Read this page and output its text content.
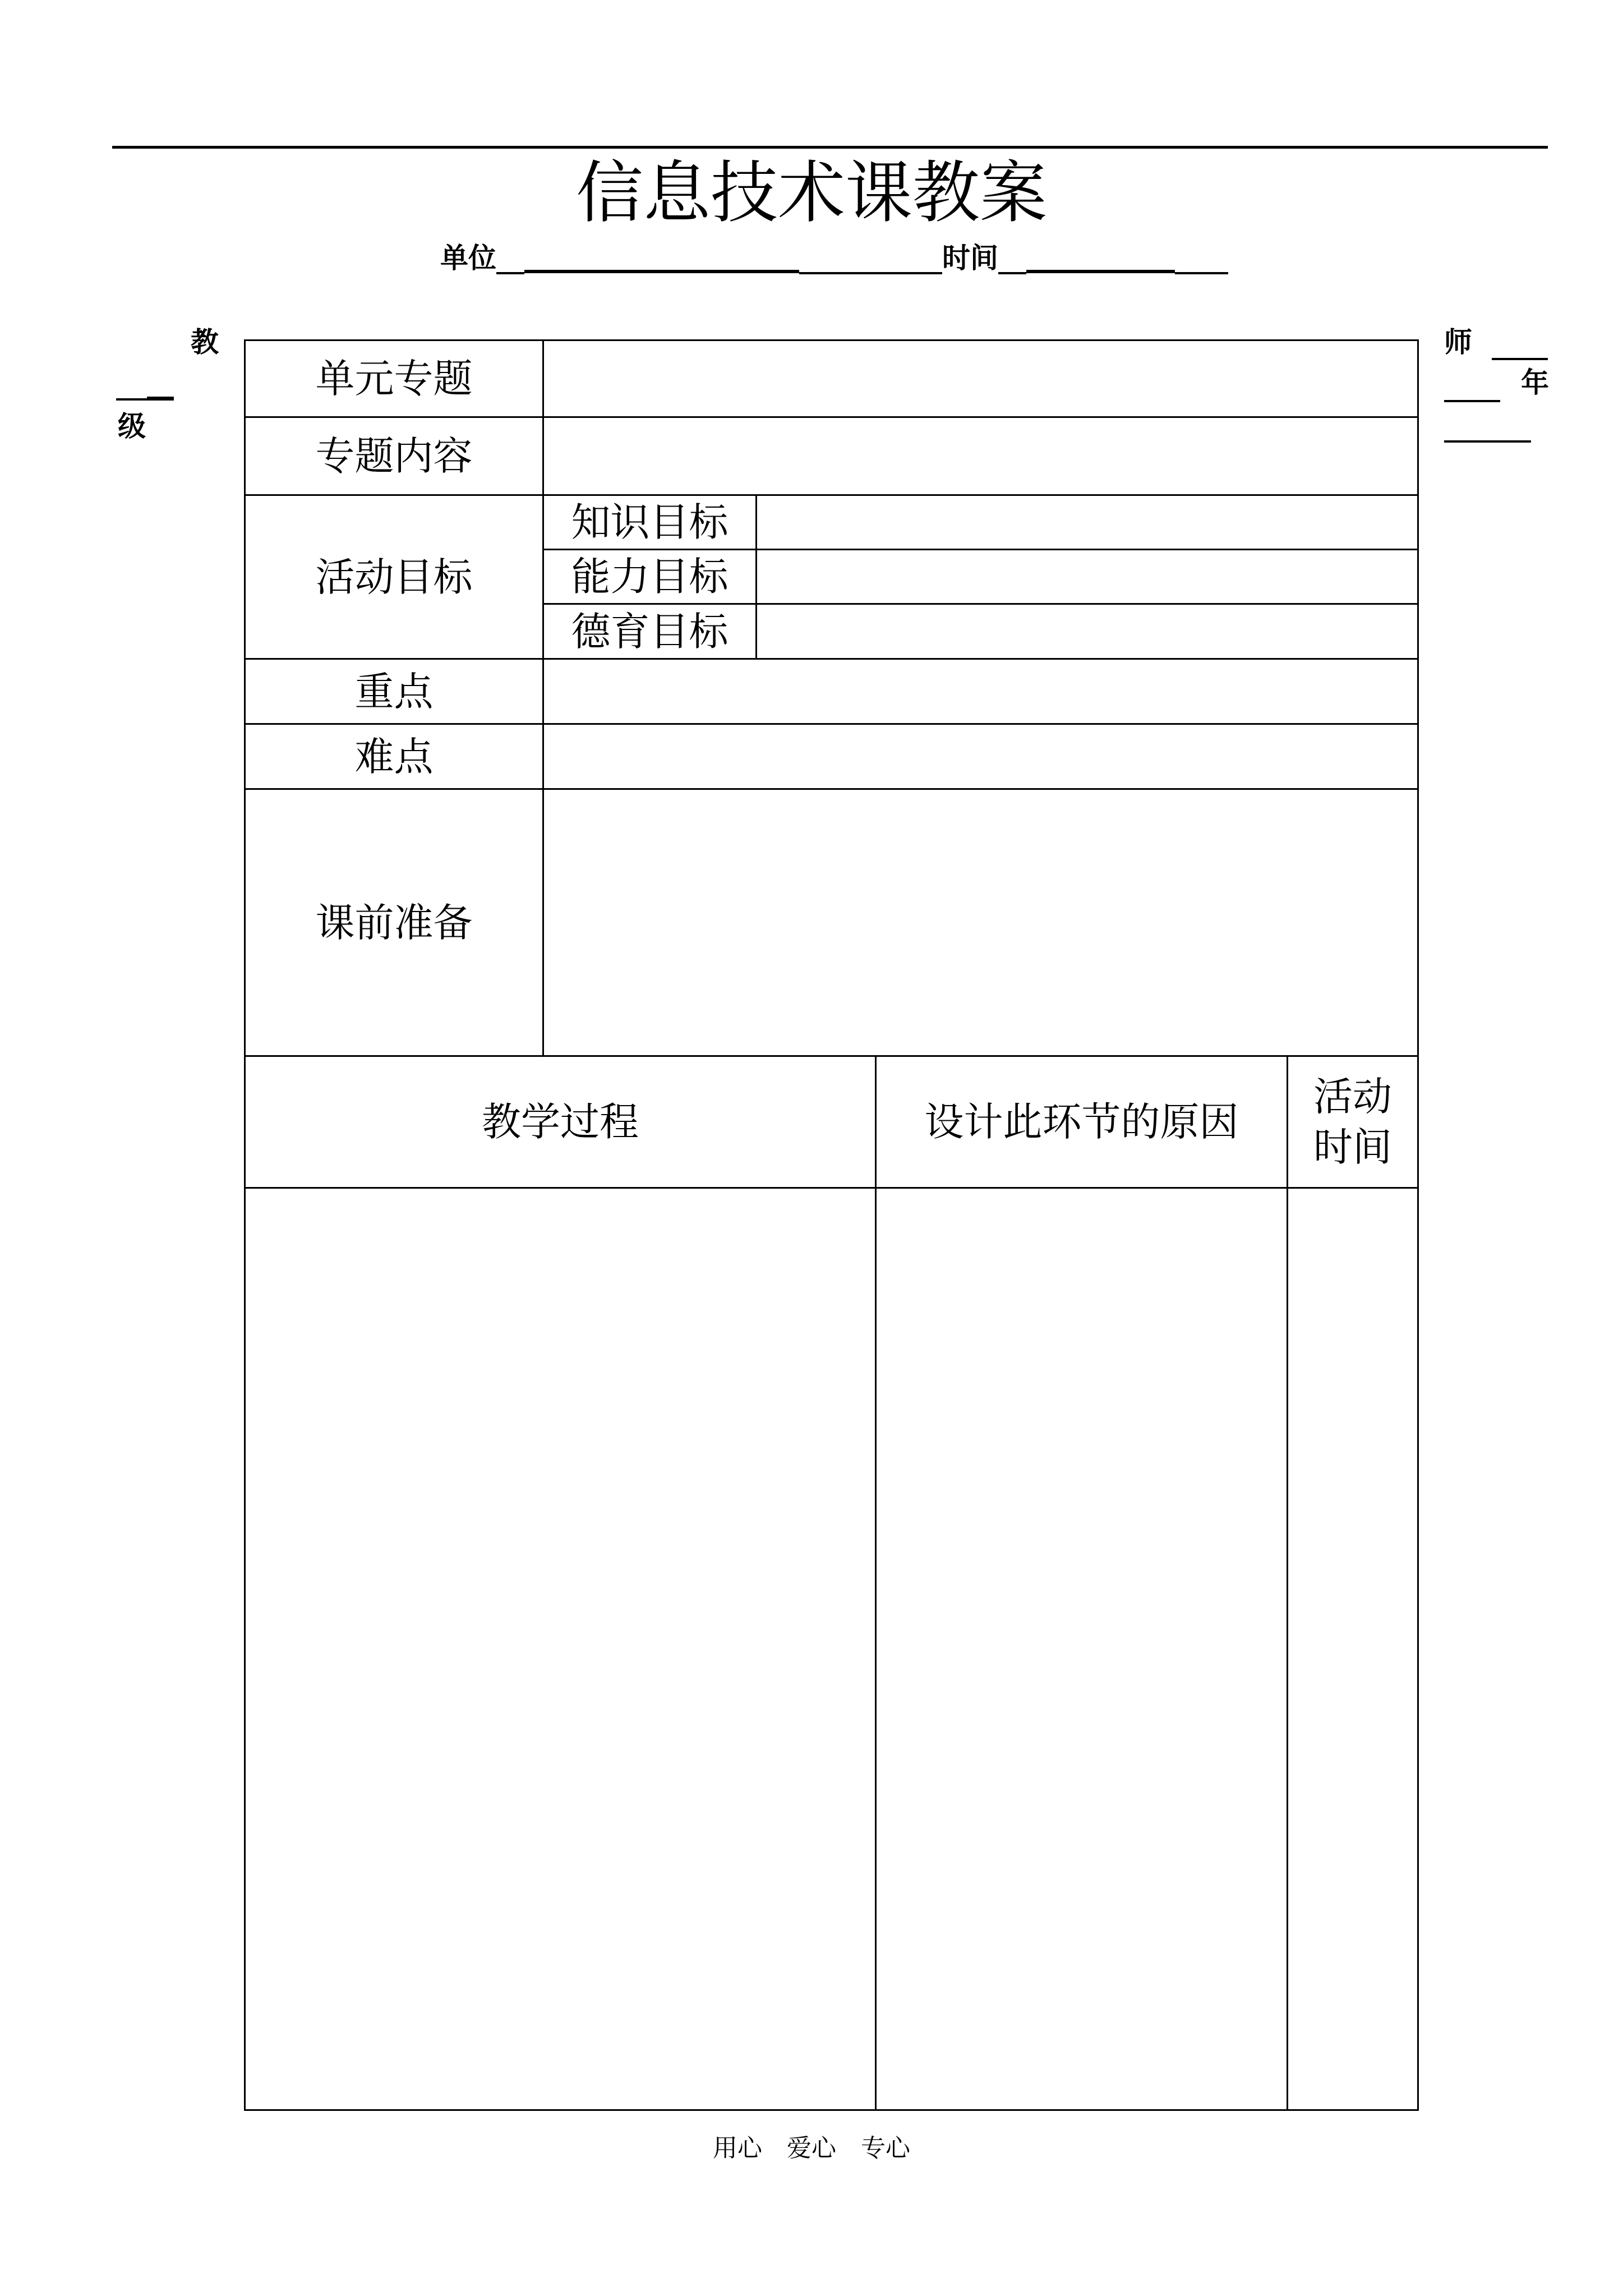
信息技术课教案
单位	时间
教
级
师
年
单元专题
专题内容
活动目标
知识目标
能力目标
德育目标
重点
难点
课前准备
教学过程	设计此环节的原因
活动
时间
用心 爱心 专心
